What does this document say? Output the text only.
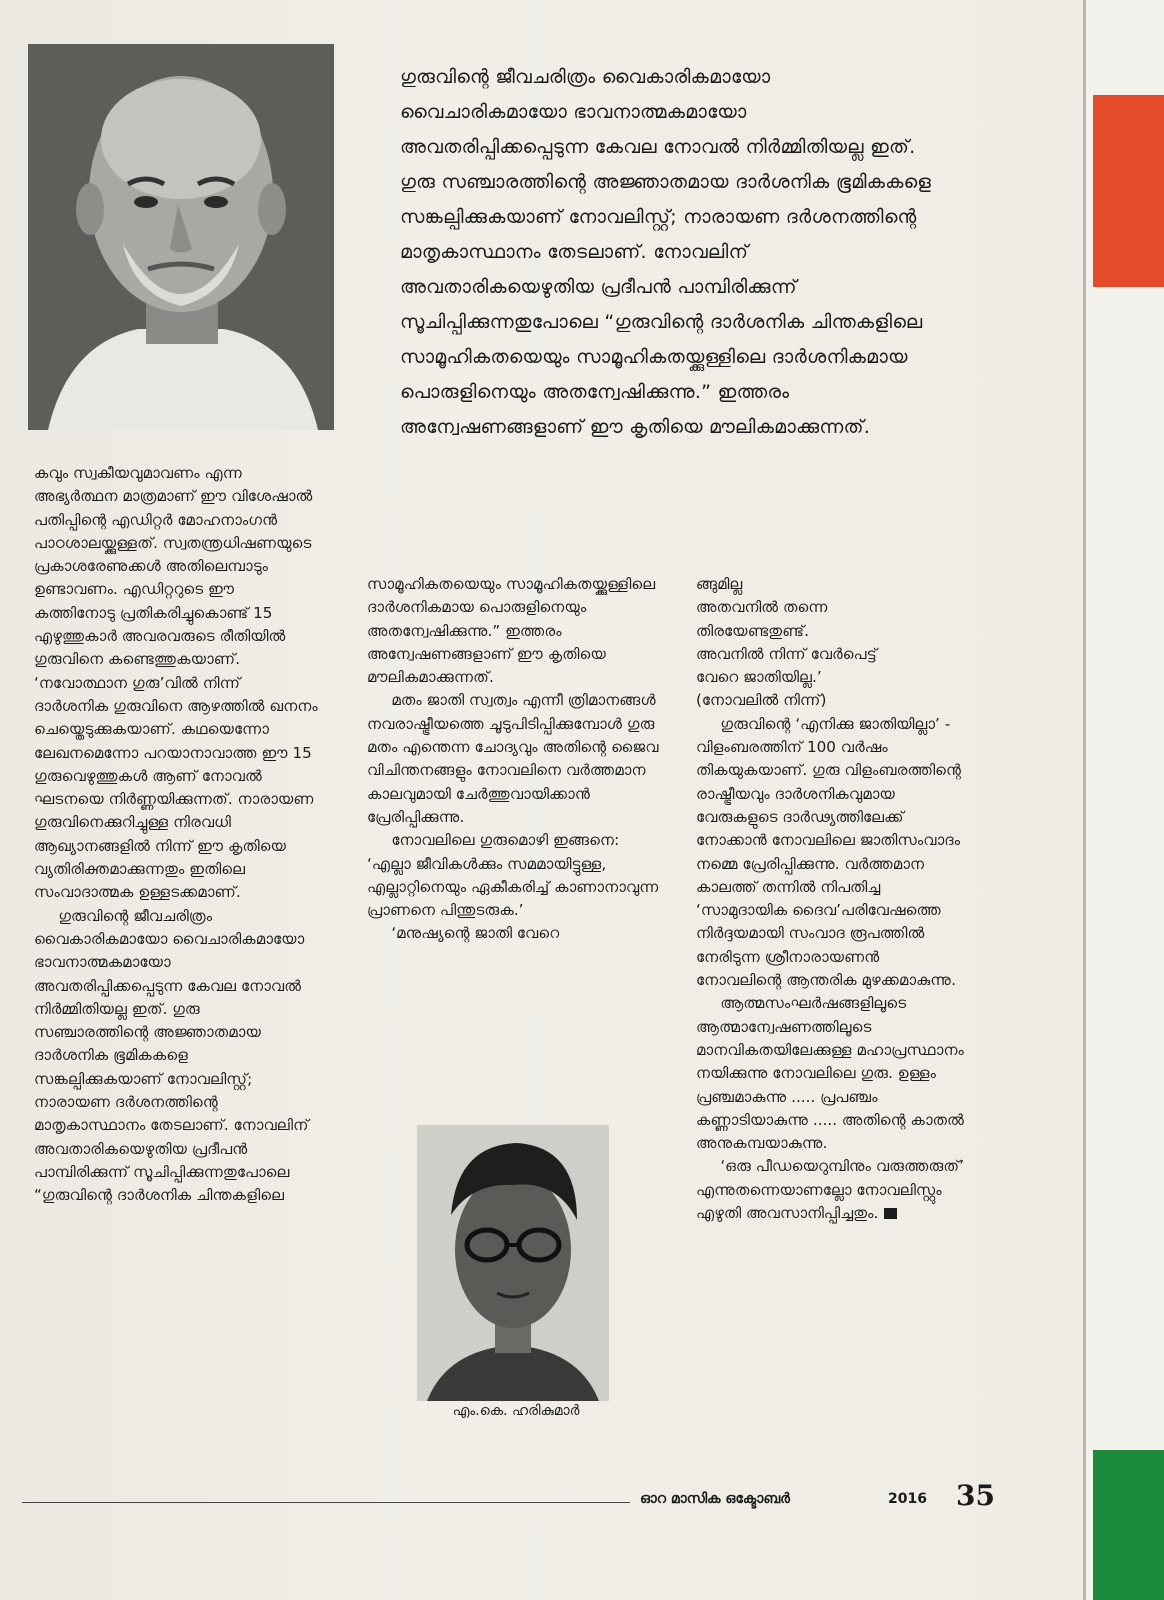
ഗുരുവിന്റെ ജീവചരിത്രം വൈകാരികമായോ വൈചാരികമായോ ഭാവനാത്മകമായോ അവതരിപ്പിക്കപ്പെടുന്ന കേവല നോവൽ നിർമ്മിതിയല്ല ഇത്. ഗുരു സഞ്ചാരത്തിന്റെ അജ്ഞാതമായ ദാർശനിക ഭൂമികകളെ സങ്കല്പിക്കുകയാണ് നോവലിസ്റ്റ്; നാരായണ ദർശനത്തിന്റെ മാതൃകാസ്ഥാനം തേടലാണ്. നോവലിന് അവതാരികയെഴുതിയ പ്രദീപൻ പാമ്പിരിക്കുന്ന് സൂചിപ്പിക്കുന്നതുപോലെ “ഗുരുവിന്റെ ദാർശനിക ചിന്തകളിലെ സാമൂഹികതയെയും സാമൂഹികതയ്ക്കുള്ളിലെ ദാർശനികമായ പൊരുളിനെയും അതന്വേഷിക്കുന്നു.” ഇത്തരം അന്വേഷണങ്ങളാണ് ഈ കൃതിയെ മൗലികമാക്കുന്നത്.

കവും സ്വകീയവുമാവണം എന്ന അഭ്യർത്ഥന മാത്രമാണ് ഈ വിശേഷാൽ പതിപ്പിന്റെ എഡിറ്റർ മോഹനാംഗൻ പാഠശാലയ്ക്കുള്ളത്. സ്വതന്ത്രധിഷണയുടെ പ്രകാശരേണുക്കൾ അതിലെമ്പാടും ഉണ്ടാവണം. എഡിറ്ററുടെ ഈ കത്തിനോടു പ്രതികരിച്ചുകൊണ്ട് 15 എഴുത്തുകാർ അവരവരുടെ രീതിയിൽ ഗുരുവിനെ കണ്ടെത്തുകയാണ്. ‘നവോത്ഥാന ഗുരു’വിൽ നിന്ന് ദാർശനിക ഗുരുവിനെ ആഴത്തിൽ ഖനനം ചെയ്തെടുക്കുകയാണ്. കഥയെന്നോ ലേഖനമെന്നോ പറയാനാവാത്ത ഈ 15 ഗുരുവെഴുത്തുകൾ ആണ് നോവൽ ഘടനയെ നിർണ്ണയിക്കുന്നത്. നാരായണ ഗുരുവിനെക്കുറിച്ചുള്ള നിരവധി ആഖ്യാനങ്ങളിൽ നിന്ന് ഈ കൃതിയെ വ്യതിരിക്തമാക്കുന്നതും ഇതിലെ സംവാദാത്മക ഉള്ളടക്കമാണ്.

ഗുരുവിന്റെ ജീവചരിത്രം വൈകാരികമായോ വൈചാരികമായോ ഭാവനാത്മകമായോ അവതരിപ്പിക്കപ്പെടുന്ന കേവല നോവൽ നിർമ്മിതിയല്ല ഇത്. ഗുരു സഞ്ചാരത്തിന്റെ അജ്ഞാതമായ ദാർശനിക ഭൂമികകളെ സങ്കല്പിക്കുകയാണ് നോവലിസ്റ്റ്; നാരായണ ദർശനത്തിന്റെ മാതൃകാസ്ഥാനം തേടലാണ്. നോവലിന് അവതാരികയെഴുതിയ പ്രദീപൻ പാമ്പിരിക്കുന്ന് സൂചിപ്പിക്കുന്നതുപോലെ “ഗുരുവിന്റെ ദാർശനിക ചിന്തകളിലെ

സാമൂഹികതയെയും സാമൂഹികതയ്ക്കുള്ളിലെ ദാർശനികമായ പൊരുളിനെയും അതന്വേഷിക്കുന്നു.” ഇത്തരം അന്വേഷണങ്ങളാണ് ഈ കൃതിയെ മൗലികമാക്കുന്നത്.

മതം ജാതി സ്വത്വം എന്നീ ത്രിമാനങ്ങൾ നവരാഷ്ട്രീയത്തെ ചൂടുപിടിപ്പിക്കുമ്പോൾ ഗുരു മതം എന്തെന്ന ചോദ്യവും അതിന്റെ ജൈവ വിചിന്തനങ്ങളും നോവലിനെ വർത്തമാന കാലവുമായി ചേർത്തുവായിക്കാൻ പ്രേരിപ്പിക്കുന്നു.

നോവലിലെ ഗുരുമൊഴി ഇങ്ങനെ: ‘എല്ലാ ജീവികൾക്കും സമമായിട്ടുള്ള, എല്ലാറ്റിനെയും ഏകീകരിച്ച് കാണാനാവുന്ന പ്രാണനെ പിന്തുടരുക.’

‘മനുഷ്യന്റെ ജാതി വേറെ

എം.കെ. ഹരികുമാർ

ങ്ങുമില്ല
അതവനിൽ തന്നെ
തിരയേണ്ടതുണ്ട്.
അവനിൽ നിന്ന് വേർപെട്ട്
വേറെ ജാതിയില്ല.’
(നോവലിൽ നിന്ന്)

ഗുരുവിന്റെ ‘എനിക്കു ജാതിയില്ലാ’ - വിളംബരത്തിന് 100 വർഷം തികയുകയാണ്. ഗുരു വിളംബരത്തിന്റെ രാഷ്ട്രീയവും ദാർശനികവുമായ വേരുകളുടെ ദാർഢ്യത്തിലേക്ക് നോക്കാൻ നോവലിലെ ജാതിസംവാദം നമ്മെ പ്രേരിപ്പിക്കുന്നു. വർത്തമാന കാലത്ത് തന്നിൽ നിപതിച്ച ‘സാമുദായിക ദൈവ’പരിവേഷത്തെ നിർദ്ദയമായി സംവാദ രൂപത്തിൽ നേരിടുന്ന ശ്രീനാരായണൻ നോവലിന്റെ ആന്തരിക മുഴക്കമാകുന്നു.

ആത്മസംഘർഷങ്ങളിലൂടെ ആത്മാന്വേഷണത്തിലൂടെ മാനവികതയിലേക്കുള്ള മഹാപ്രസ്ഥാനം നയിക്കുന്നു നോവലിലെ ഗുരു. ഉള്ളം പ്രഞ്ചമാകുന്നു ..... പ്രപഞ്ചം കണ്ണാടിയാകുന്നു ..... അതിന്റെ കാതൽ അനുകമ്പയാകുന്നു.

‘ഒരു പീഡയെറുമ്പിനും വരുത്തരുത്’ എന്നുതന്നെയാണല്ലോ നോവലിസ്റ്റും എഴുതി അവസാനിപ്പിച്ചതും.

ഓറ മാസിക ഒക്ടോബർ	2016 35
